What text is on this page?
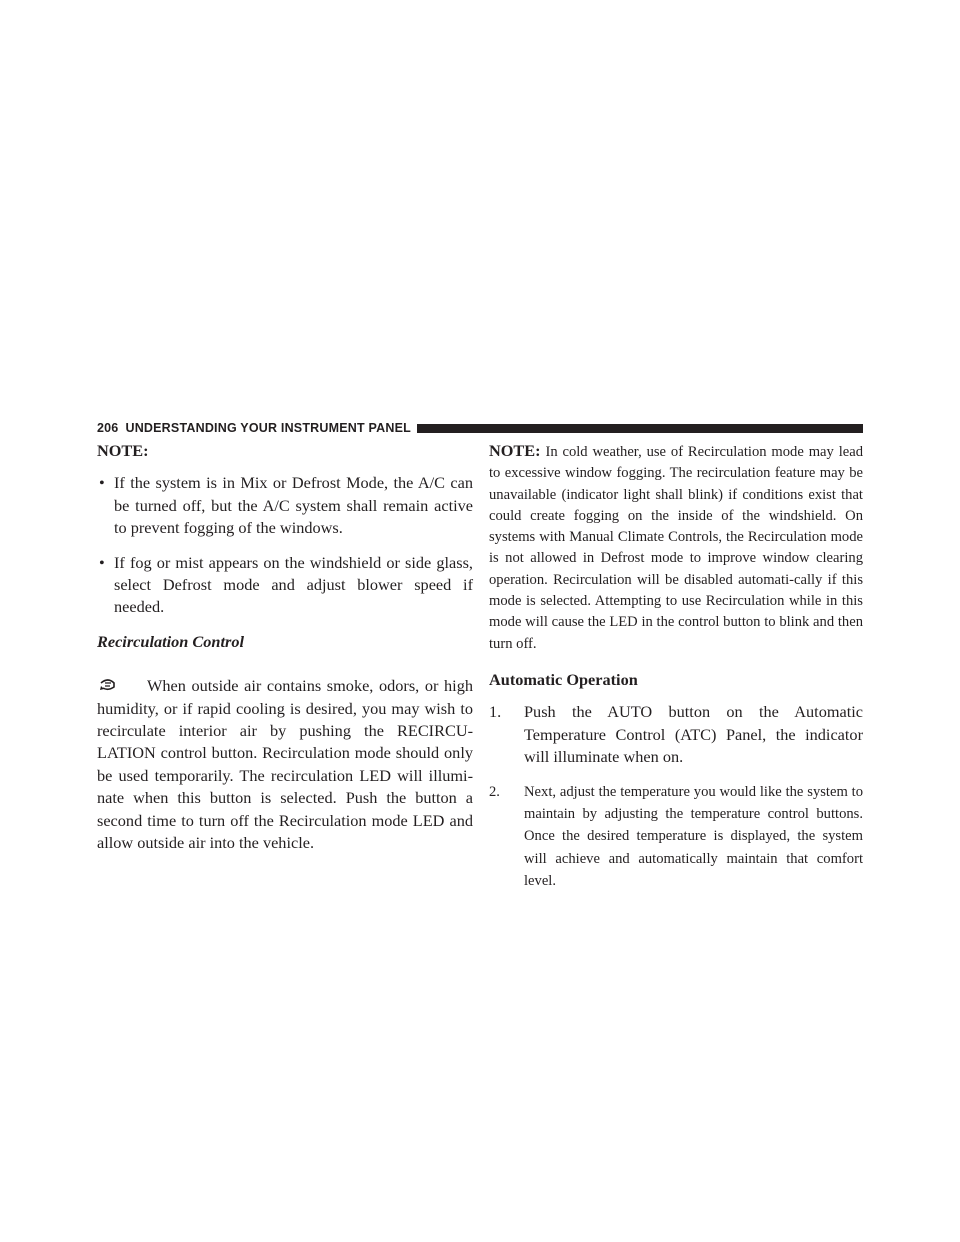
206 UNDERSTANDING YOUR INSTRUMENT PANEL

NOTE:

• If the system is in Mix or Defrost Mode, the A/C can be turned off, but the A/C system shall remain active to prevent fogging of the windows.
• If fog or mist appears on the windshield or side glass, select Defrost mode and adjust blower speed if needed.

Recirculation Control

When outside air contains smoke, odors, or high humidity, or if rapid cooling is desired, you may wish to recirculate interior air by pushing the RECIRCU-LATION control button. Recirculation mode should only be used temporarily. The recirculation LED will illumi-nate when this button is selected. Push the button a second time to turn off the Recirculation mode LED and allow outside air into the vehicle.

NOTE: In cold weather, use of Recirculation mode may lead to excessive window fogging. The recirculation feature may be unavailable (indicator light shall blink) if conditions exist that could create fogging on the inside of the windshield. On systems with Manual Climate Controls, the Recirculation mode is not allowed in Defrost mode to improve window clearing operation. Recirculation will be disabled automati-cally if this mode is selected. Attempting to use Recirculation while in this mode will cause the LED in the control button to blink and then turn off.

Automatic Operation

1. Push the AUTO button on the Automatic Temperature Control (ATC) Panel, the indicator will illuminate when on.
2. Next, adjust the temperature you would like the system to maintain by adjusting the temperature control buttons. Once the desired temperature is displayed, the system will achieve and automatically maintain that comfort level.
